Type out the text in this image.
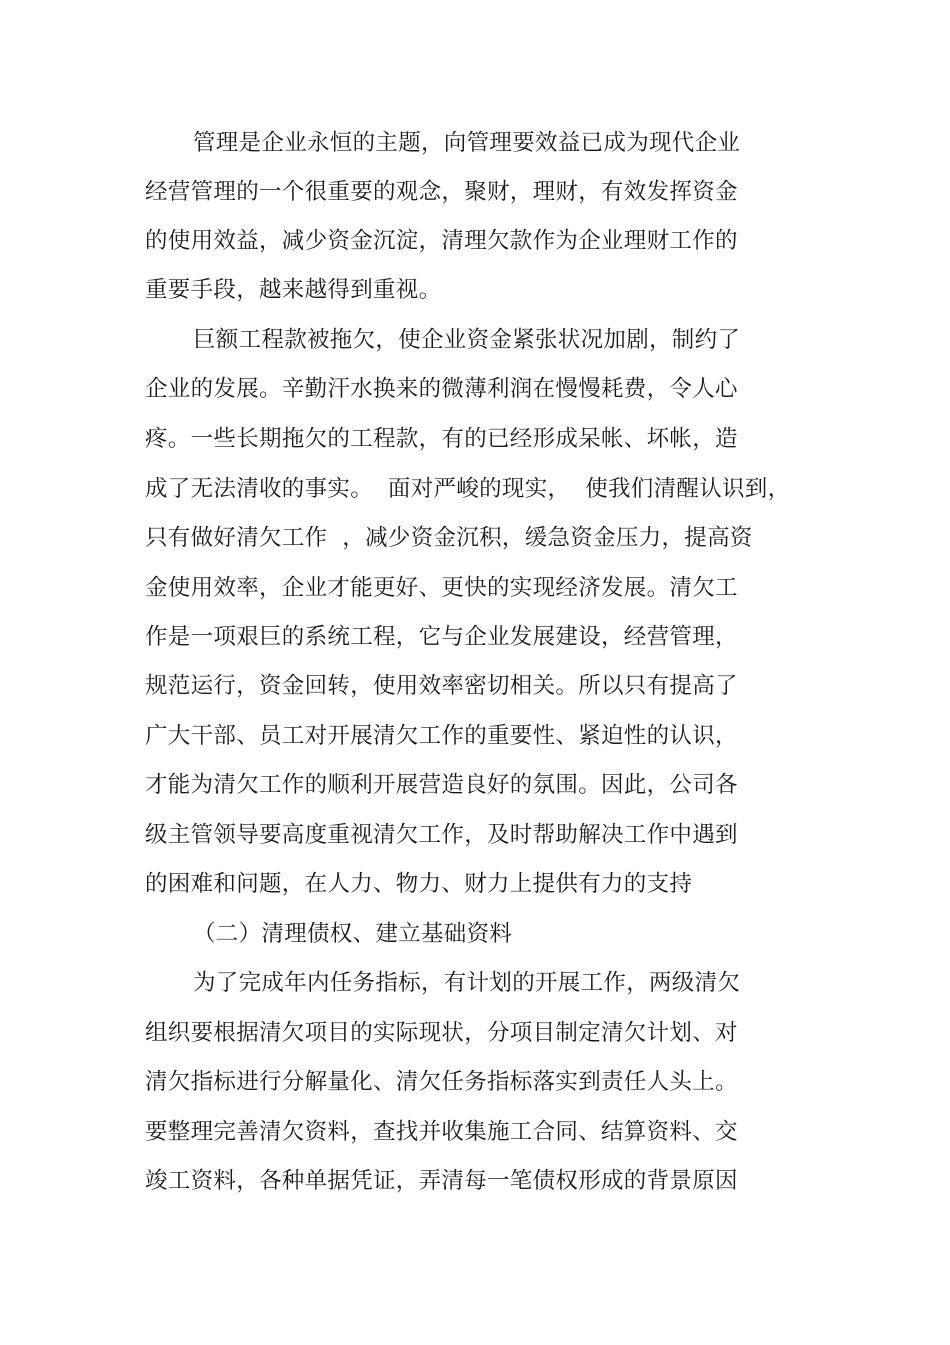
管理是企业永恒的主题，向管理要效益已成为现代企业
经营管理的一个很重要的观念，聚财，理财，有效发挥资金
的使用效益，减少资金沉淀，清理欠款作为企业理财工作的
重要手段，越来越得到重视。
巨额工程款被拖欠，使企业资金紧张状况加剧，制约了
企业的发展。辛勤汗水换来的微薄利润在慢慢耗费，令人心
疼。一些长期拖欠的工程款，有的已经形成呆帐、坏帐，造
成了无法清收的事实。  面对严峻的现实，  使我们清醒认识到，
只有做好清欠工作  ，减少资金沉积，缓急资金压力，提高资
金使用效率，企业才能更好、更快的实现经济发展。清欠工
作是一项艰巨的系统工程，它与企业发展建设，经营管理，
规范运行，资金回转，使用效率密切相关。所以只有提高了
广大干部、员工对开展清欠工作的重要性、紧迫性的认识，
才能为清欠工作的顺利开展营造良好的氛围。因此，公司各
级主管领导要高度重视清欠工作，及时帮助解决工作中遇到
的困难和问题，在人力、物力、财力上提供有力的支持
（二）清理债权、建立基础资料
为了完成年内任务指标，有计划的开展工作，两级清欠
组织要根据清欠项目的实际现状，分项目制定清欠计划、对
清欠指标进行分解量化、清欠任务指标落实到责任人头上。
要整理完善清欠资料，查找并收集施工合同、结算资料、交
竣工资料，各种单据凭证，弄清每一笔债权形成的背景原因
